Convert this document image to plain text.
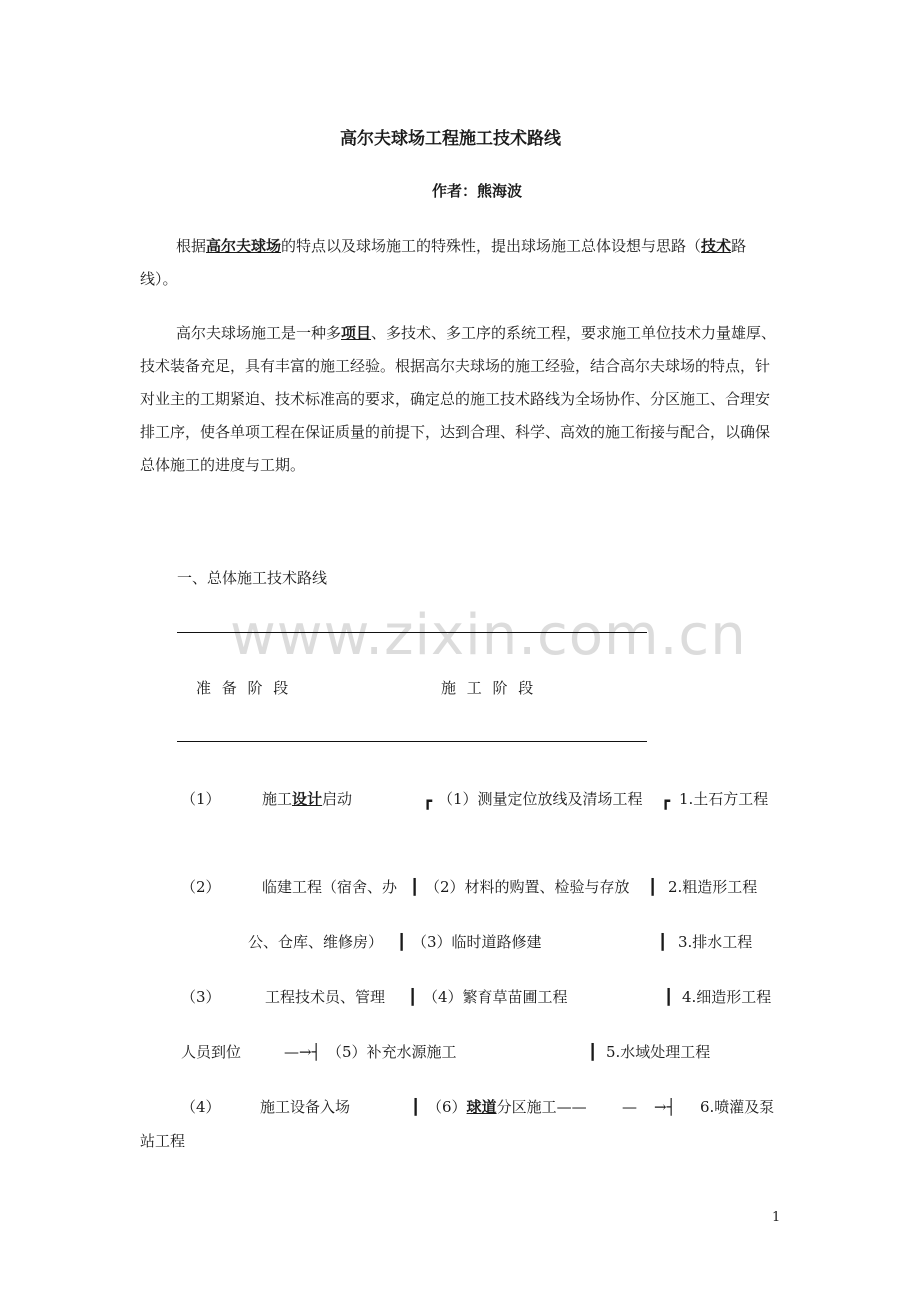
www.zixin.com.cn
高尔夫球场工程施工技术路线
作者：熊海波
根据高尔夫球场的特点以及球场施工的特殊性，提出球场施工总体设想与思路（技术路线）。
高尔夫球场施工是一种多项目、多技术、多工序的系统工程，要求施工单位技术力量雄厚、技术装备充足，具有丰富的施工经验。根据高尔夫球场的施工经验，结合高尔夫球场的特点，针对业主的工期紧迫、技术标准高的要求，确定总的施工技术路线为全场协作、分区施工、合理安排工序，使各单项工程在保证质量的前提下，达到合理、科学、高效的施工衔接与配合，以确保总体施工的进度与工期。
一、总体施工技术路线
准 备 阶 段	施 工 阶 段
（1）	施工设计启动	┏ （1）测量定位放线及清场工程 ┏ 1.土石方工程
（2）	临建工程（宿舍、办 ┃ （2）材料的购置、检验与存放 ┃ 2.粗造形工程
公、仓库、维修房） ┃ （3）临时道路修建	┃ 3.排水工程
（3）	工程技术员、管理 ┃ （4）繁育草苗圃工程	┃ 4.细造形工程
人员到位	—→┤ （5）补充水源施工	┃ 5.水域处理工程
（4）	施工设备入场	┃ （6）球道分区施工—— — →┤ 6.喷灌及泵
站工程
1
